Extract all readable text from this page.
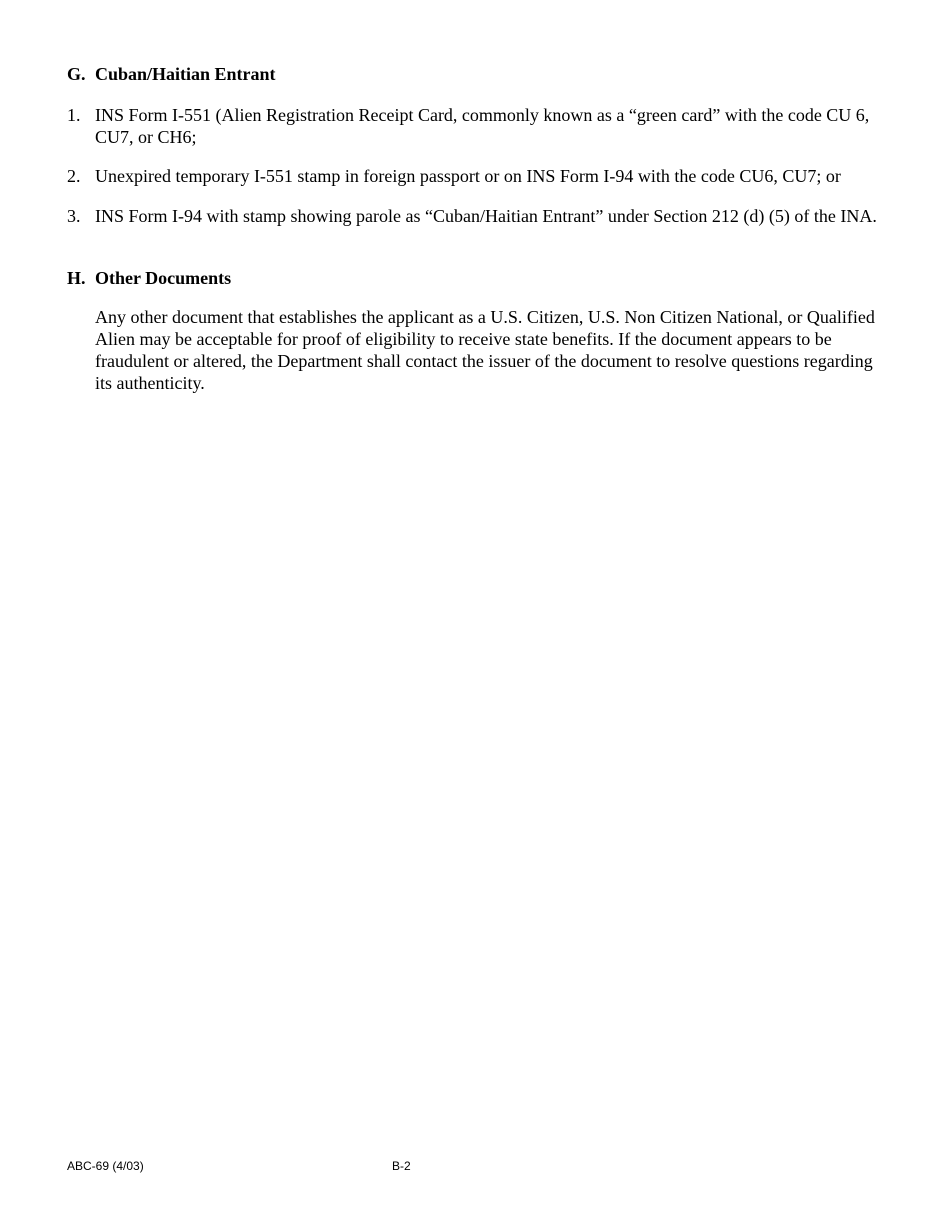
G. Cuban/Haitian Entrant
1. INS Form I-551 (Alien Registration Receipt Card, commonly known as a “green card” with the code CU 6, CU7, or CH6;
2. Unexpired temporary I-551 stamp in foreign passport or on INS Form I-94 with the code CU6, CU7; or
3. INS Form I-94 with stamp showing parole as “Cuban/Haitian Entrant” under Section 212 (d) (5) of the INA.
H. Other Documents
Any other document that establishes the applicant as a U.S. Citizen, U.S. Non Citizen National, or Qualified Alien may be acceptable for proof of eligibility to receive state benefits. If the document appears to be fraudulent or altered, the Department shall contact the issuer of the document to resolve questions regarding its authenticity.
ABC-69 (4/03)	B-2
